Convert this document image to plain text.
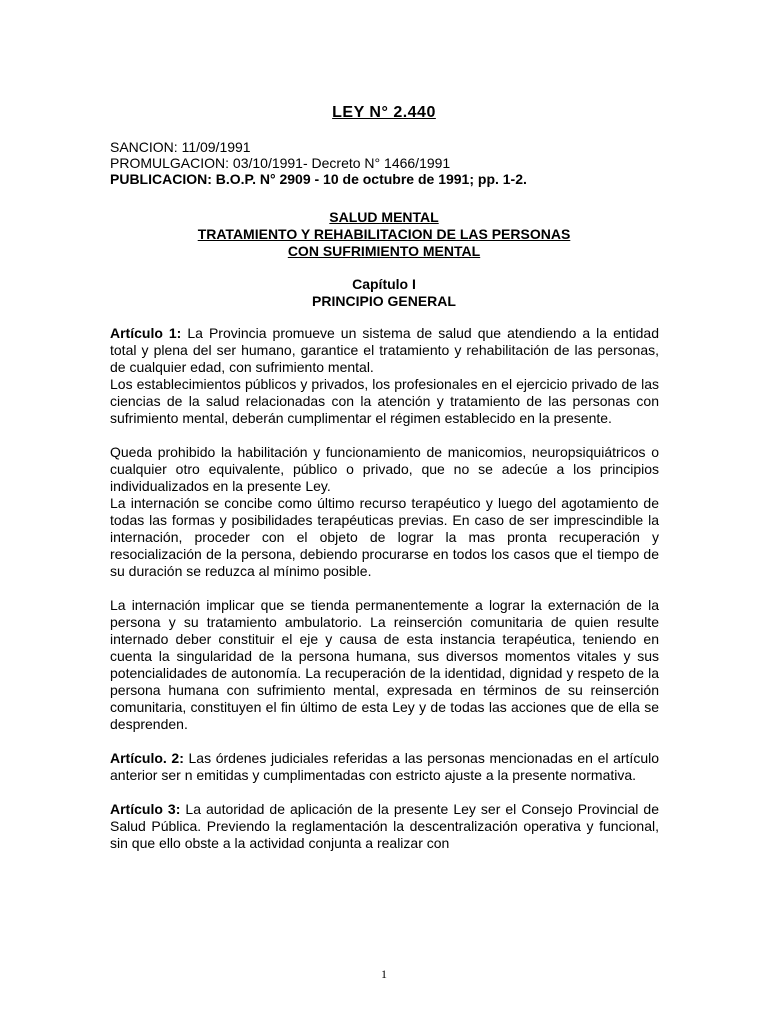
LEY N° 2.440
SANCION: 11/09/1991
PROMULGACION: 03/10/1991- Decreto N° 1466/1991
PUBLICACION: B.O.P. N° 2909 - 10 de octubre de 1991; pp. 1-2.
SALUD MENTAL
TRATAMIENTO Y REHABILITACION DE LAS PERSONAS
CON SUFRIMIENTO MENTAL
Capítulo I
PRINCIPIO GENERAL

Artículo 1: La Provincia promueve un sistema de salud que atendiendo a la entidad total y plena del ser humano, garantice el tratamiento y rehabilitación de las personas, de cualquier edad, con sufrimiento mental.

Los establecimientos públicos y privados, los profesionales en el ejercicio privado de las ciencias de la salud relacionadas con la atención y tratamiento de las personas con sufrimiento mental, deberán cumplimentar el régimen establecido en la presente.

Queda prohibido la habilitación y funcionamiento de manicomios, neuropsiquiátricos o cualquier otro equivalente, público o privado, que no se adecúe a los principios individualizados en la presente Ley.

La internación se concibe como último recurso terapéutico y luego del agotamiento de todas las formas y posibilidades terapéuticas previas. En caso de ser imprescindible la internación, proceder con el objeto de lograr la mas pronta recuperación y resocialización de la persona, debiendo procurarse en todos los casos que el tiempo de su duración se reduzca al mínimo posible.

La internación implicar que se tienda permanentemente a lograr la externación de la persona y su tratamiento ambulatorio. La reinserción comunitaria de quien resulte internado deber constituir el eje y causa de esta instancia terapéutica, teniendo en cuenta la singularidad de la persona humana, sus diversos momentos vitales y sus potencialidades de autonomía. La recuperación de la identidad, dignidad y respeto de la persona humana con sufrimiento mental, expresada en términos de su reinserción comunitaria, constituyen el fin último de esta Ley y de todas las acciones que de ella se desprenden.

Artículo. 2: Las órdenes judiciales referidas a las personas mencionadas en el artículo anterior ser n emitidas y cumplimentadas con estricto ajuste a la presente normativa.

Artículo 3: La autoridad de aplicación de la presente Ley ser el Consejo Provincial de Salud Pública. Previendo la reglamentación la descentralización operativa y funcional, sin que ello obste a la actividad conjunta a realizar con

1
